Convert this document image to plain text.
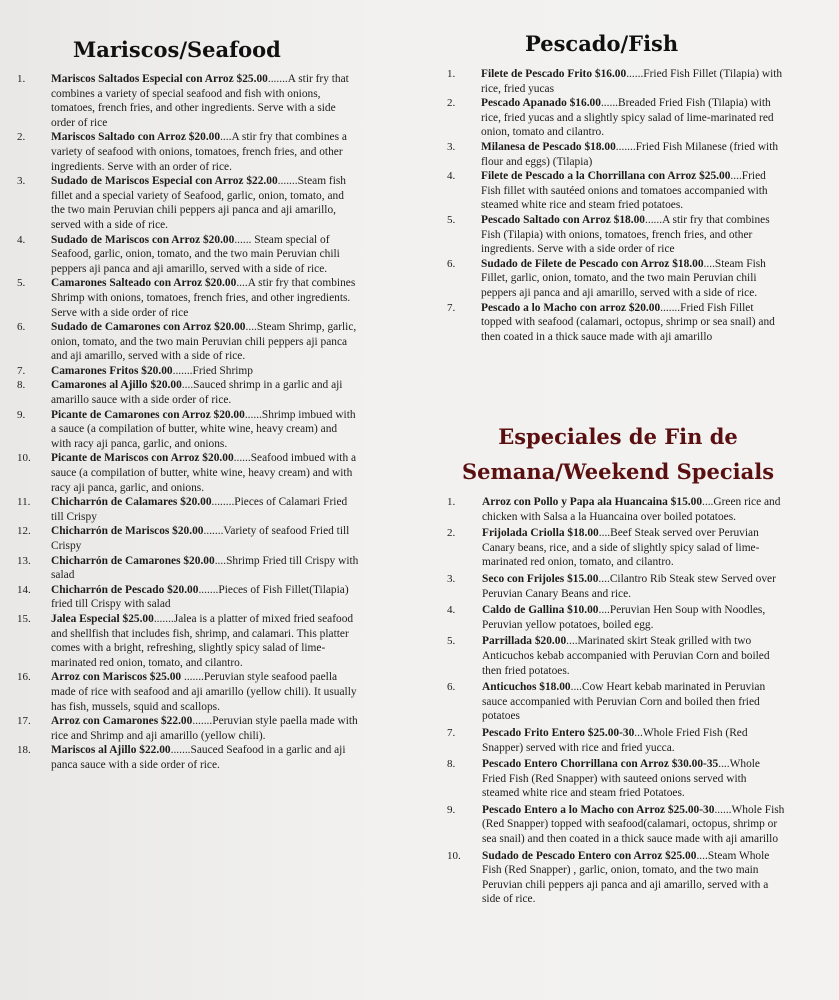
Mariscos/Seafood
1. Mariscos Saltados Especial con Arroz $25.00.......A stir fry that combines a variety of special seafood and fish with onions, tomatoes, french fries, and other ingredients. Serve with a side order of rice
2. Mariscos Saltado con Arroz $20.00....A stir fry that combines a variety of seafood with onions, tomatoes, french fries, and other ingredients. Serve with an order of rice.
3. Sudado de Mariscos Especial con Arroz $22.00.......Steam fish fillet and a special variety of Seafood, garlic, onion, tomato, and the two main Peruvian chili peppers aji panca and aji amarillo, served with a side of rice.
4. Sudado de Mariscos con Arroz $20.00...... Steam special of Seafood, garlic, onion, tomato, and the two main Peruvian chili peppers aji panca and aji amarillo, served with a side of rice.
5. Camarones Salteado con Arroz $20.00....A stir fry that combines Shrimp with onions, tomatoes, french fries, and other ingredients. Serve with a side order of rice
6. Sudado de Camarones con Arroz $20.00....Steam Shrimp, garlic, onion, tomato, and the two main Peruvian chili peppers aji panca and aji amarillo, served with a side of rice.
7. Camarones Fritos $20.00.......Fried Shrimp
8. Camarones al Ajillo $20.00....Sauced shrimp in a garlic and aji amarillo sauce with a side order of rice.
9. Picante de Camarones con Arroz $20.00......Shrimp imbued with a sauce (a compilation of butter, white wine, heavy cream) and with racy aji panca, garlic, and onions.
10. Picante de Mariscos con Arroz $20.00......Seafood imbued with a sauce (a compilation of butter, white wine, heavy cream) and with racy aji panca, garlic, and onions.
11. Chicharrón de Calamares $20.00........Pieces of Calamari Fried till Crispy
12. Chicharrón de Mariscos $20.00.......Variety of seafood Fried till Crispy
13. Chicharrón de Camarones $20.00....Shrimp Fried till Crispy with salad
14. Chicharrón de Pescado $20.00.......Pieces of Fish Fillet(Tilapia) fried till Crispy with salad
15. Jalea Especial $25.00.......Jalea is a platter of mixed fried seafood and shellfish that includes fish, shrimp, and calamari. This platter comes with a bright, refreshing, slightly spicy salad of lime-marinated red onion, tomato, and cilantro.
16. Arroz con Mariscos $25.00 .......Peruvian style seafood paella made of rice with seafood and aji amarillo (yellow chili). It usually has fish, mussels, squid and scallops.
17. Arroz con Camarones $22.00.......Peruvian style paella made with rice and Shrimp and aji amarillo (yellow chili).
18. Mariscos al Ajillo $22.00.......Sauced Seafood in a garlic and aji panca sauce with a side order of rice.
Pescado/Fish
1. Filete de Pescado Frito $16.00......Fried Fish Fillet (Tilapia) with rice, fried yucas
2. Pescado Apanado $16.00......Breaded Fried Fish (Tilapia) with rice, fried yucas and a slightly spicy salad of lime-marinated red onion, tomato and cilantro.
3. Milanesa de Pescado $18.00.......Fried Fish Milanese (fried with flour and eggs) (Tilapia)
4. Filete de Pescado a la Chorrillana con Arroz $25.00....Fried Fish fillet with sautéed onions and tomatoes accompanied with steamed white rice and steam fried potatoes.
5. Pescado Saltado con Arroz $18.00......A stir fry that combines Fish (Tilapia) with onions, tomatoes, french fries, and other ingredients. Serve with a side order of rice
6. Sudado de Filete de Pescado con Arroz $18.00....Steam Fish Fillet, garlic, onion, tomato, and the two main Peruvian chili peppers aji panca and aji amarillo, served with a side of rice.
7. Pescado a lo Macho con arroz $20.00.......Fried Fish Fillet topped with seafood (calamari, octopus, shrimp or sea snail) and then coated in a thick sauce made with aji amarillo
Especiales de Fin de
Semana/Weekend Specials
1. Arroz con Pollo y Papa ala Huancaina $15.00....Green rice and chicken with Salsa a la Huancaina over boiled potatoes.
2. Frijolada Criolla $18.00....Beef Steak served over Peruvian Canary beans, rice, and a side of slightly spicy salad of lime-marinated red onion, tomato, and cilantro.
3. Seco con Frijoles $15.00....Cilantro Rib Steak stew Served over Peruvian Canary Beans and rice.
4. Caldo de Gallina $10.00....Peruvian Hen Soup with Noodles, Peruvian yellow potatoes, boiled egg.
5. Parrillada $20.00....Marinated skirt Steak grilled with two Anticuchos kebab accompanied with Peruvian Corn and boiled then fried potatoes.
6. Anticuchos $18.00....Cow Heart kebab marinated in Peruvian sauce accompanied with Peruvian Corn and boiled then fried potatoes
7. Pescado Frito Entero $25.00-30...Whole Fried Fish (Red Snapper) served with rice and fried yucca.
8. Pescado Entero Chorrillana con Arroz $30.00-35....Whole Fried Fish (Red Snapper) with sauteed onions served with steamed white rice and steam fried Potatoes.
9. Pescado Entero a lo Macho con Arroz $25.00-30......Whole Fish (Red Snapper) topped with seafood(calamari, octopus, shrimp or sea snail) and then coated in a thick sauce made with aji amarillo
10. Sudado de Pescado Entero con Arroz $25.00....Steam Whole Fish (Red Snapper) , garlic, onion, tomato, and the two main Peruvian chili peppers aji panca and aji amarillo, served with a side of rice.
